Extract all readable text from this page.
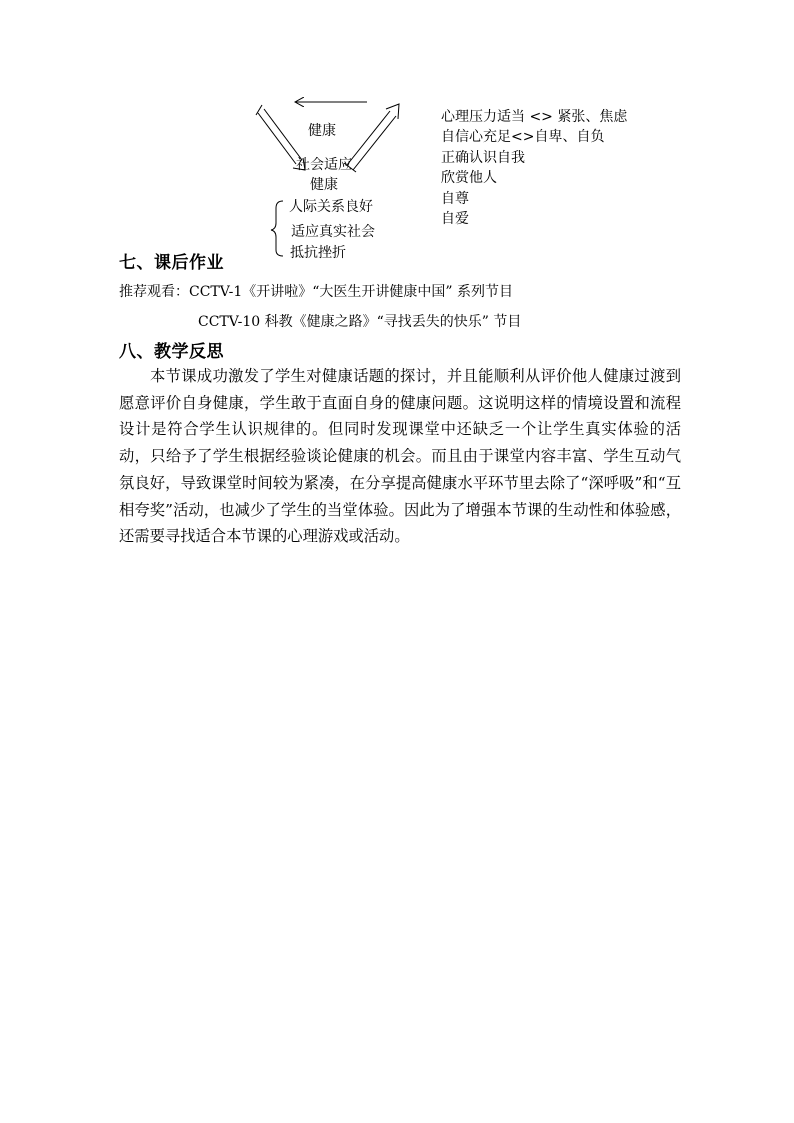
健康
社会适应
健康
人际关系良好
适应真实社会
抵抗挫折
心理压力适当 <> 紧张、焦虑
自信心充足<>自卑、自负
正确认识自我
欣赏他人
自尊
自爱
七、课后作业
推荐观看：CCTV-1《开讲啦》“大医生开讲健康中国” 系列节目
CCTV-10 科教《健康之路》“寻找丢失的快乐” 节目
八、教学反思
本节课成功激发了学生对健康话题的探讨，并且能顺利从评价他人健康过渡到愿意评价自身健康，学生敢于直面自身的健康问题。这说明这样的情境设置和流程设计是符合学生认识规律的。但同时发现课堂中还缺乏一个让学生真实体验的活动，只给予了学生根据经验谈论健康的机会。而且由于课堂内容丰富、学生互动气氛良好，导致课堂时间较为紧凑，在分享提高健康水平环节里去除了“深呼吸”和“互相夸奖”活动，也减少了学生的当堂体验。因此为了增强本节课的生动性和体验感，还需要寻找适合本节课的心理游戏或活动。
